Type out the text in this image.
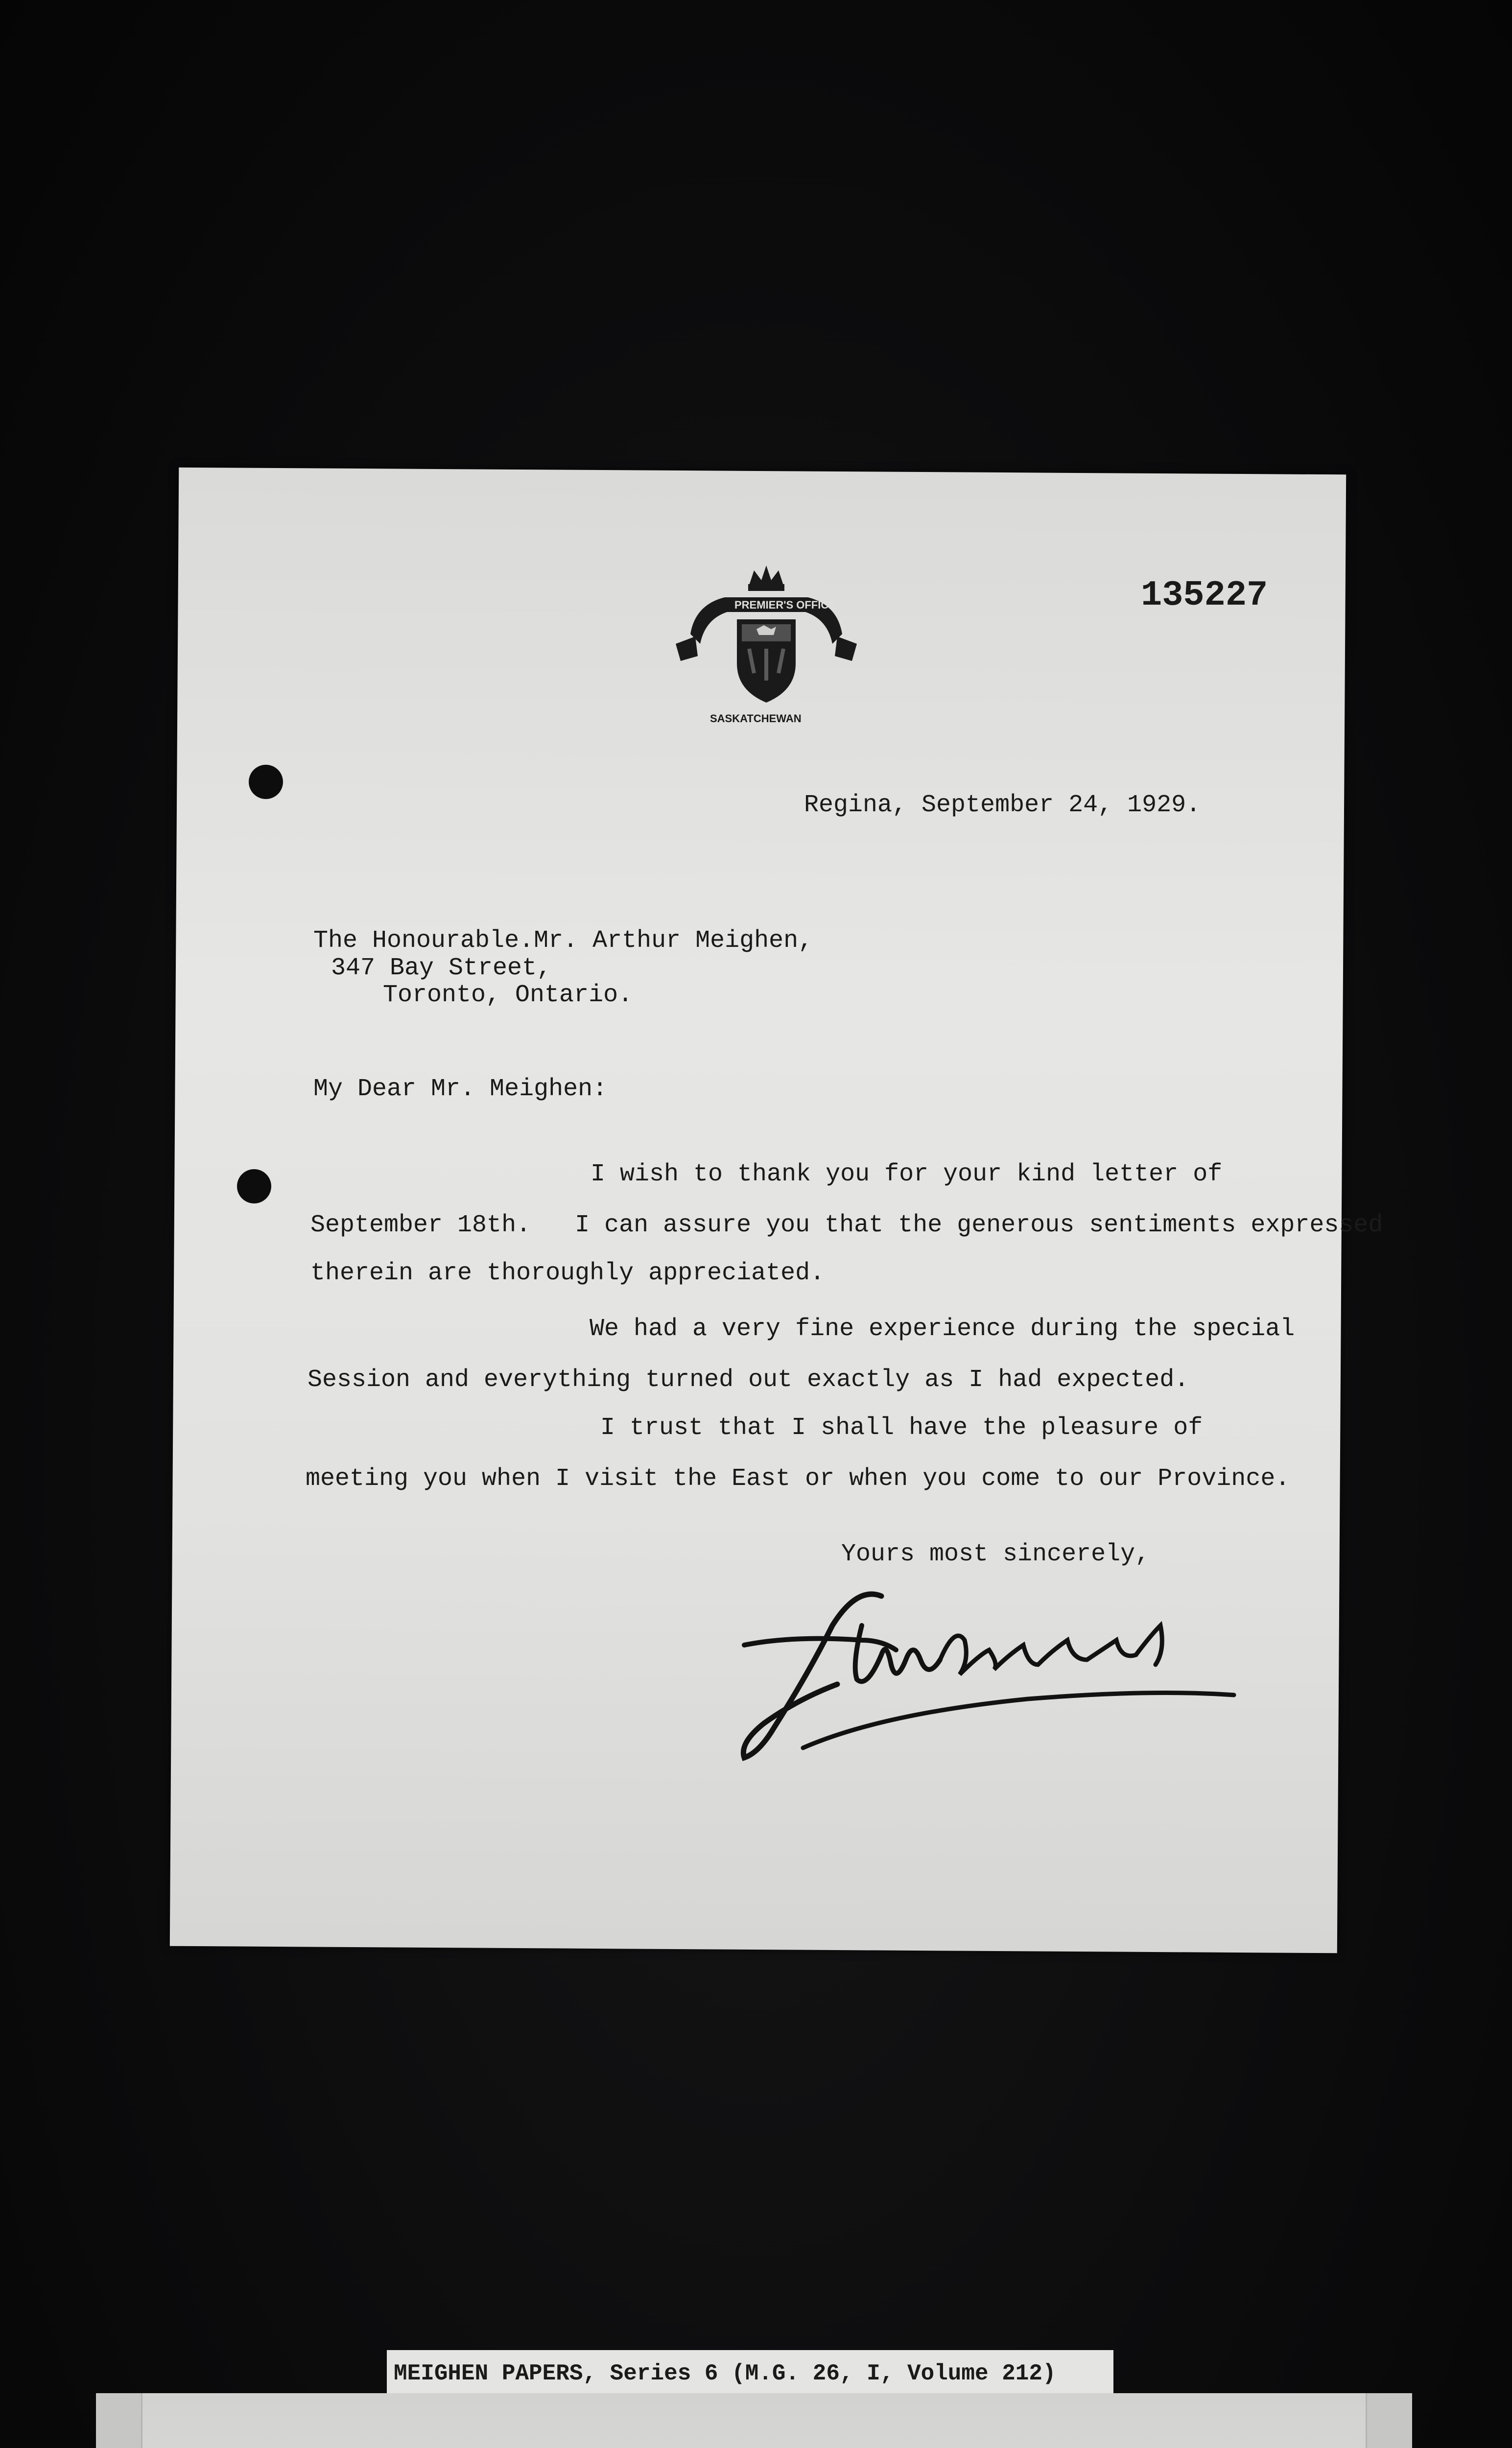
PREMIER'S OFFICE
SASKATCHEWAN
135227
Regina, September 24, 1929.
The Honourable.Mr. Arthur Meighen,
347 Bay Street,
Toronto, Ontario.
My Dear Mr. Meighen:
I wish to thank you for your kind letter of
September 18th.   I can assure you that the generous sentiments expressed
therein are thoroughly appreciated.
We had a very fine experience during the special
Session and everything turned out exactly as I had expected.
I trust that I shall have the pleasure of
meeting you when I visit the East or when you come to our Province.
Yours most sincerely,
MEIGHEN PAPERS, Series 6 (M.G. 26, I, Volume 212)
